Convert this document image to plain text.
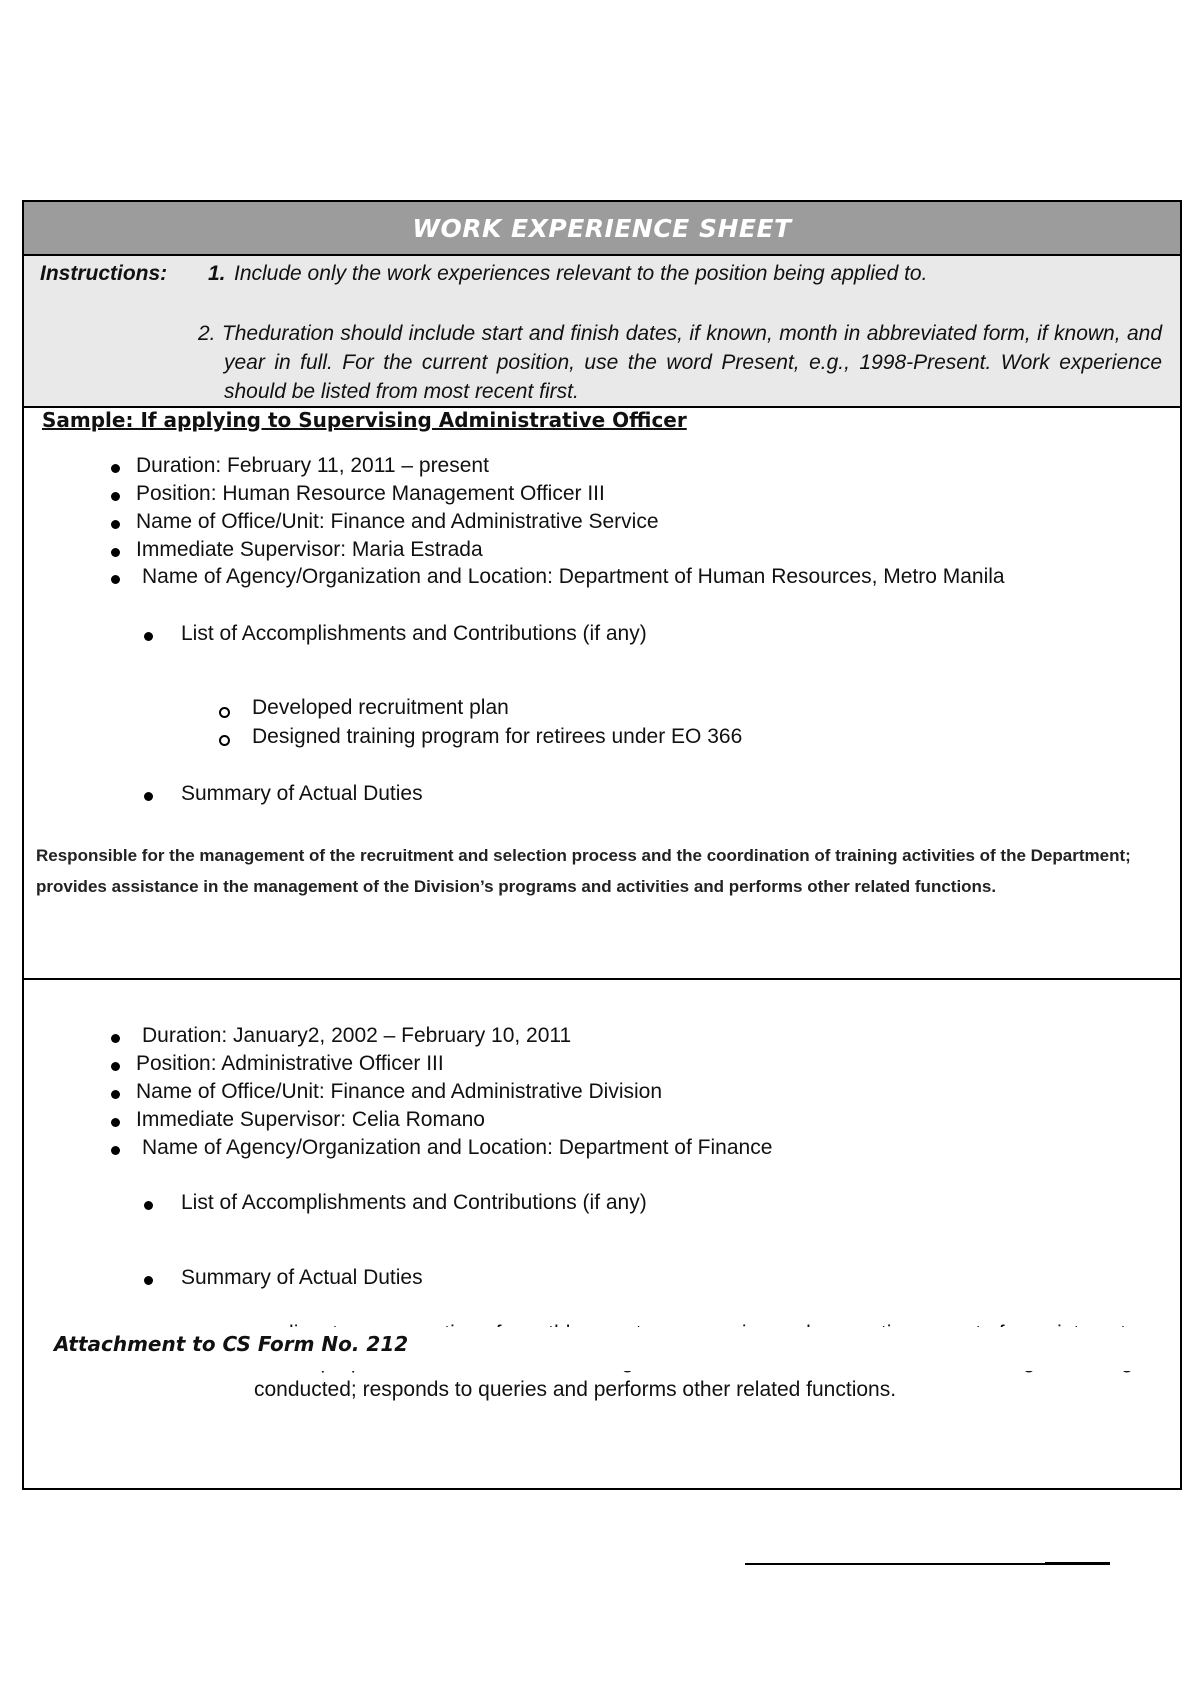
WORK EXPERIENCE SHEET
Instructions: 1. Include only the work experiences relevant to the position being applied to.
2. Theduration should include start and finish dates, if known, month in abbreviated form, if known, and year in full. For the current position, use the word Present, e.g., 1998-Present. Work experience should be listed from most recent first.
Sample: If applying to Supervising Administrative Officer
Duration: February 11, 2011 – present
Position: Human Resource Management Officer III
Name of Office/Unit: Finance and Administrative Service
Immediate Supervisor: Maria Estrada
Name of Agency/Organization and Location: Department of Human Resources, Metro Manila
List of Accomplishments and Contributions (if any)
Developed recruitment plan
Designed training program for retirees under EO 366
Summary of Actual Duties
Responsible for the management of the recruitment and selection process and the coordination of training activities of the Department; provides assistance in the management of the Division’s programs and activities and performs other related functions.
Duration: January2, 2002 – February 10, 2011
Position: Administrative Officer III
Name of Office/Unit: Finance and Administrative Division
Immediate Supervisor: Celia Romano
Name of Agency/Organization and Location: Department of Finance
List of Accomplishments and Contributions (if any)
Summary of Actual Duties
conducted; responds to queries and performs other related functions.
Attachment to CS Form No. 212
